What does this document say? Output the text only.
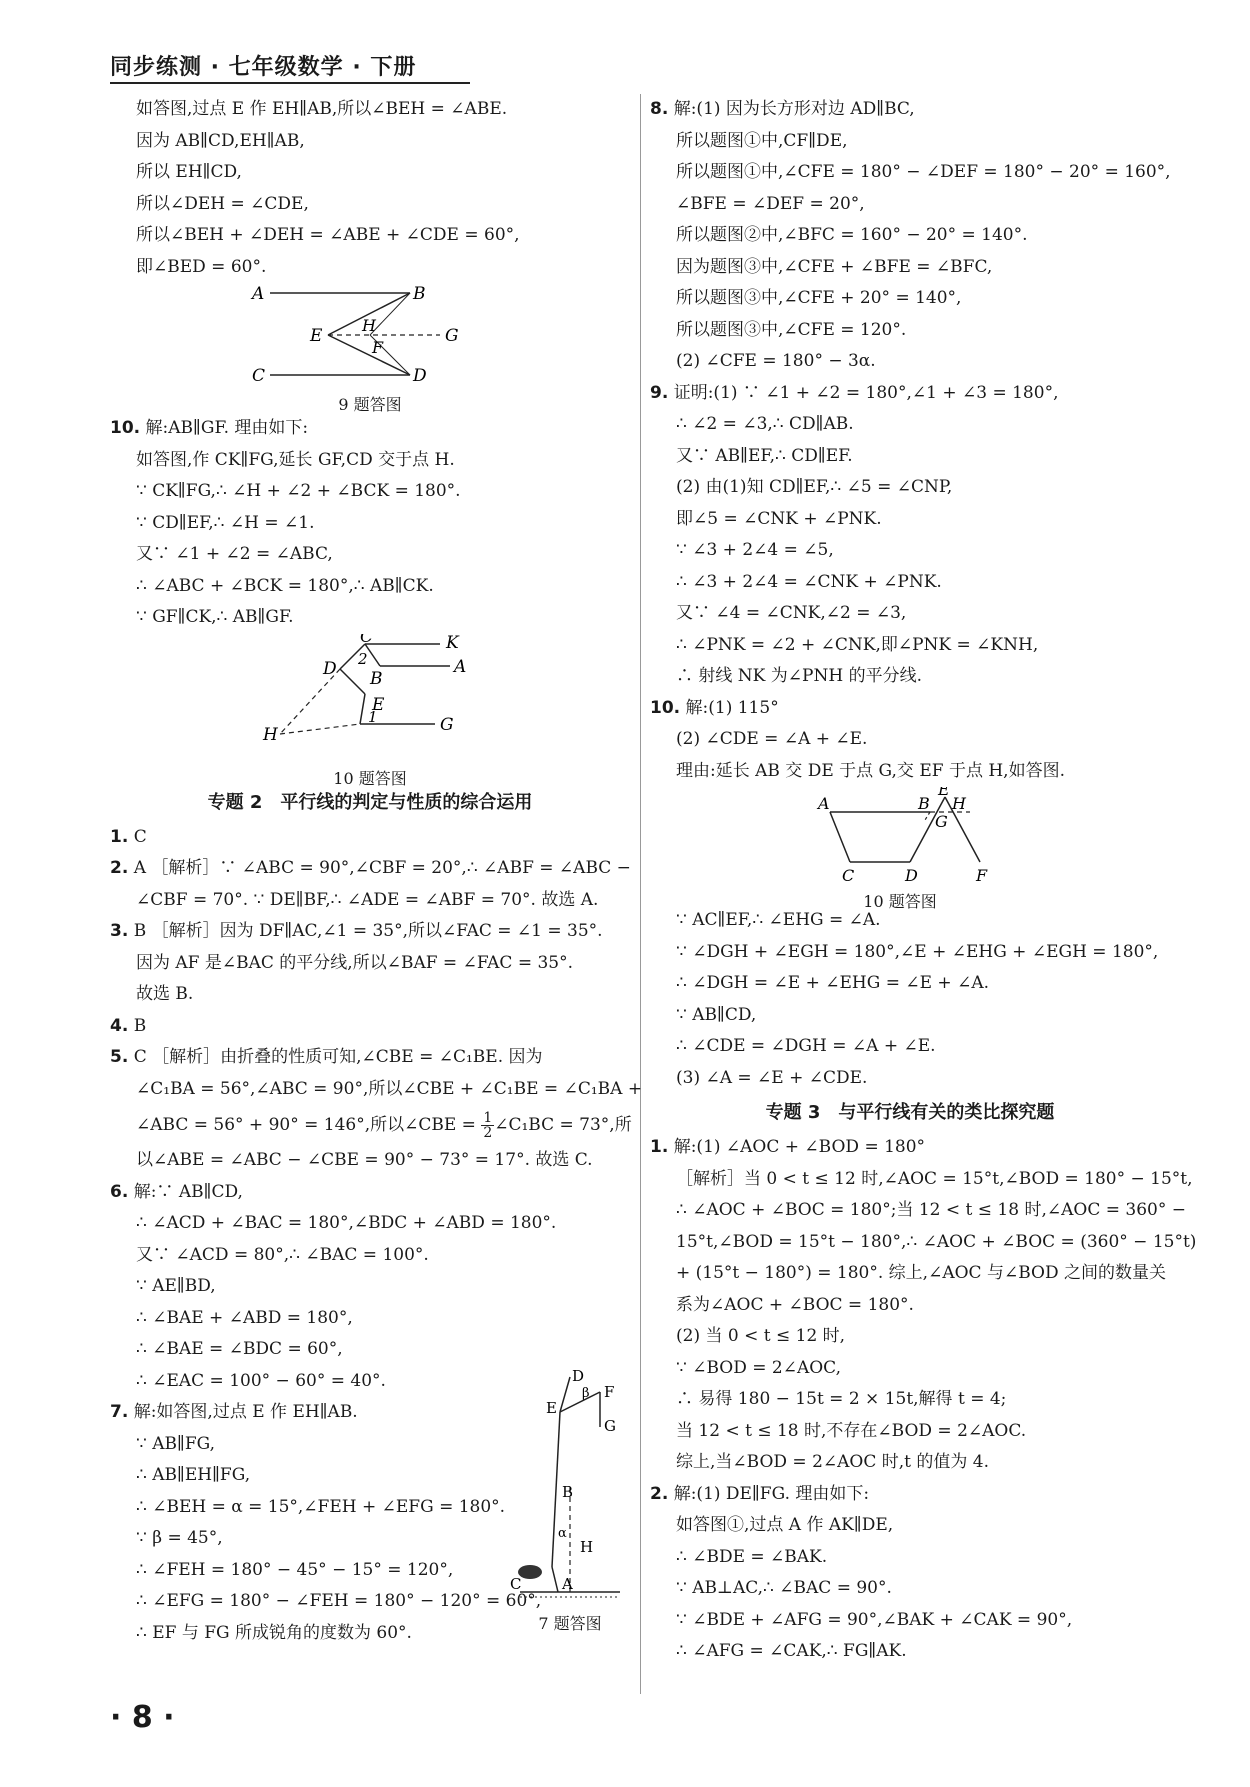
同步练测 · 七年级数学 · 下册
如答图,过点 E 作 EH∥AB,所以∠BEH = ∠ABE.
因为 AB∥CD,EH∥AB,
所以 EH∥CD,
所以∠DEH = ∠CDE,
所以∠BEH + ∠DEH = ∠ABE + ∠CDE = 60°,
即∠BED = 60°.
A	B
E
H
G
F
C	D
9 题答图
10. 解:AB∥GF. 理由如下:
如答图,作 CK∥FG,延长 GF,CD 交于点 H.
∵ CK∥FG,∴ ∠H + ∠2 + ∠BCK = 180°.
∵ CD∥EF,∴ ∠H = ∠1.
又∵ ∠1 + ∠2 = ∠ABC,
∴ ∠ABC + ∠BCK = 180°,∴ AB∥CK.
∵ GF∥CK,∴ AB∥GF.
C	K
2	A
D B
E
1
H	G
10 题答图
专题 2　平行线的判定与性质的综合运用
1. C
2. A ［解析］∵ ∠ABC = 90°,∠CBF = 20°,∴ ∠ABF = ∠ABC −
∠CBF = 70°. ∵ DE∥BF,∴ ∠ADE = ∠ABF = 70°. 故选 A.
3. B ［解析］因为 DF∥AC,∠1 = 35°,所以∠FAC = ∠1 = 35°.
因为 AF 是∠BAC 的平分线,所以∠BAF = ∠FAC = 35°.
故选 B.
4. B
5. C ［解析］由折叠的性质可知,∠CBE = ∠C₁BE. 因为
∠C₁BA = 56°,∠ABC = 90°,所以∠CBE + ∠C₁BE = ∠C₁BA +
∠ABC = 56° + 90° = 146°,所以∠CBE = $\frac{1}{2}$ ∠C₁BC = 73°,所
以∠ABE = ∠ABC − ∠CBE = 90° − 73° = 17°. 故选 C.
6. 解:∵ AB∥CD,
∴ ∠ACD + ∠BAC = 180°,∠BDC + ∠ABD = 180°.
又∵ ∠ACD = 80°,∴ ∠BAC = 100°.
∵ AE∥BD,
∴ ∠BAE + ∠ABD = 180°,
∴ ∠BAE = ∠BDC = 60°,
∴ ∠EAC = 100° − 60° = 40°.
7. 解:如答图,过点 E 作 EH∥AB.
∵ AB∥FG,
∴ AB∥EH∥FG,
∴ ∠BEH = α = 15°,∠FEH + ∠EFG = 180°.
∵ β = 45°,
∴ ∠FEH = 180° − 45° − 15° = 120°,
∴ ∠EFG = 180° − ∠FEH = 180° − 120° = 60°,
∴ EF 与 FG 所成锐角的度数为 60°.
D
β F
E
G
B
α
H
C	A
7 题答图
8. 解:(1) 因为长方形对边 AD∥BC,
所以题图①中,CF∥DE,
所以题图①中,∠CFE = 180° − ∠DEF = 180° − 20° = 160°,
∠BFE = ∠DEF = 20°,
所以题图②中,∠BFC = 160° − 20° = 140°.
因为题图③中,∠CFE + ∠BFE = ∠BFC,
所以题图③中,∠CFE + 20° = 140°,
所以题图③中,∠CFE = 120°.
(2) ∠CFE = 180° − 3α.
9. 证明:(1) ∵ ∠1 + ∠2 = 180°,∠1 + ∠3 = 180°,
∴ ∠2 = ∠3,∴ CD∥AB.
又∵ AB∥EF,∴ CD∥EF.
(2) 由(1)知 CD∥EF,∴ ∠5 = ∠CNP,
即∠5 = ∠CNK + ∠PNK.
∵ ∠3 + 2∠4 = ∠5,
∴ ∠3 + 2∠4 = ∠CNK + ∠PNK.
又∵ ∠4 = ∠CNK,∠2 = ∠3,
∴ ∠PNK = ∠2 + ∠CNK,即∠PNK = ∠KNH,
∴ 射线 NK 为∠PNH 的平分线.
10. 解:(1) 115°
(2) ∠CDE = ∠A + ∠E.
理由:延长 AB 交 DE 于点 G,交 EF 于点 H,如答图.
E
A	B H
G
C	D	F
10 题答图
∵ AC∥EF,∴ ∠EHG = ∠A.
∵ ∠DGH + ∠EGH = 180°,∠E + ∠EHG + ∠EGH = 180°,
∴ ∠DGH = ∠E + ∠EHG = ∠E + ∠A.
∵ AB∥CD,
∴ ∠CDE = ∠DGH = ∠A + ∠E.
(3) ∠A = ∠E + ∠CDE.
专题 3　与平行线有关的类比探究题
1. 解:(1) ∠AOC + ∠BOD = 180°
［解析］当 0 < t ≤ 12 时,∠AOC = 15°t,∠BOD = 180° − 15°t,
∴ ∠AOC + ∠BOC = 180°;当 12 < t ≤ 18 时,∠AOC = 360° −
15°t,∠BOD = 15°t − 180°,∴ ∠AOC + ∠BOC = (360° − 15°t)
+ (15°t − 180°) = 180°. 综上,∠AOC 与∠BOD 之间的数量关
系为∠AOC + ∠BOC = 180°.
(2) 当 0 < t ≤ 12 时,
∵ ∠BOD = 2∠AOC,
∴ 易得 180 − 15t = 2 × 15t,解得 t = 4;
当 12 < t ≤ 18 时,不存在∠BOD = 2∠AOC.
综上,当∠BOD = 2∠AOC 时,t 的值为 4.
2. 解:(1) DE∥FG. 理由如下:
如答图①,过点 A 作 AK∥DE,
∴ ∠BDE = ∠BAK.
∵ AB⊥AC,∴ ∠BAC = 90°.
∵ ∠BDE + ∠AFG = 90°,∠BAK + ∠CAK = 90°,
∴ ∠AFG = ∠CAK,∴ FG∥AK.
· 8 ·
